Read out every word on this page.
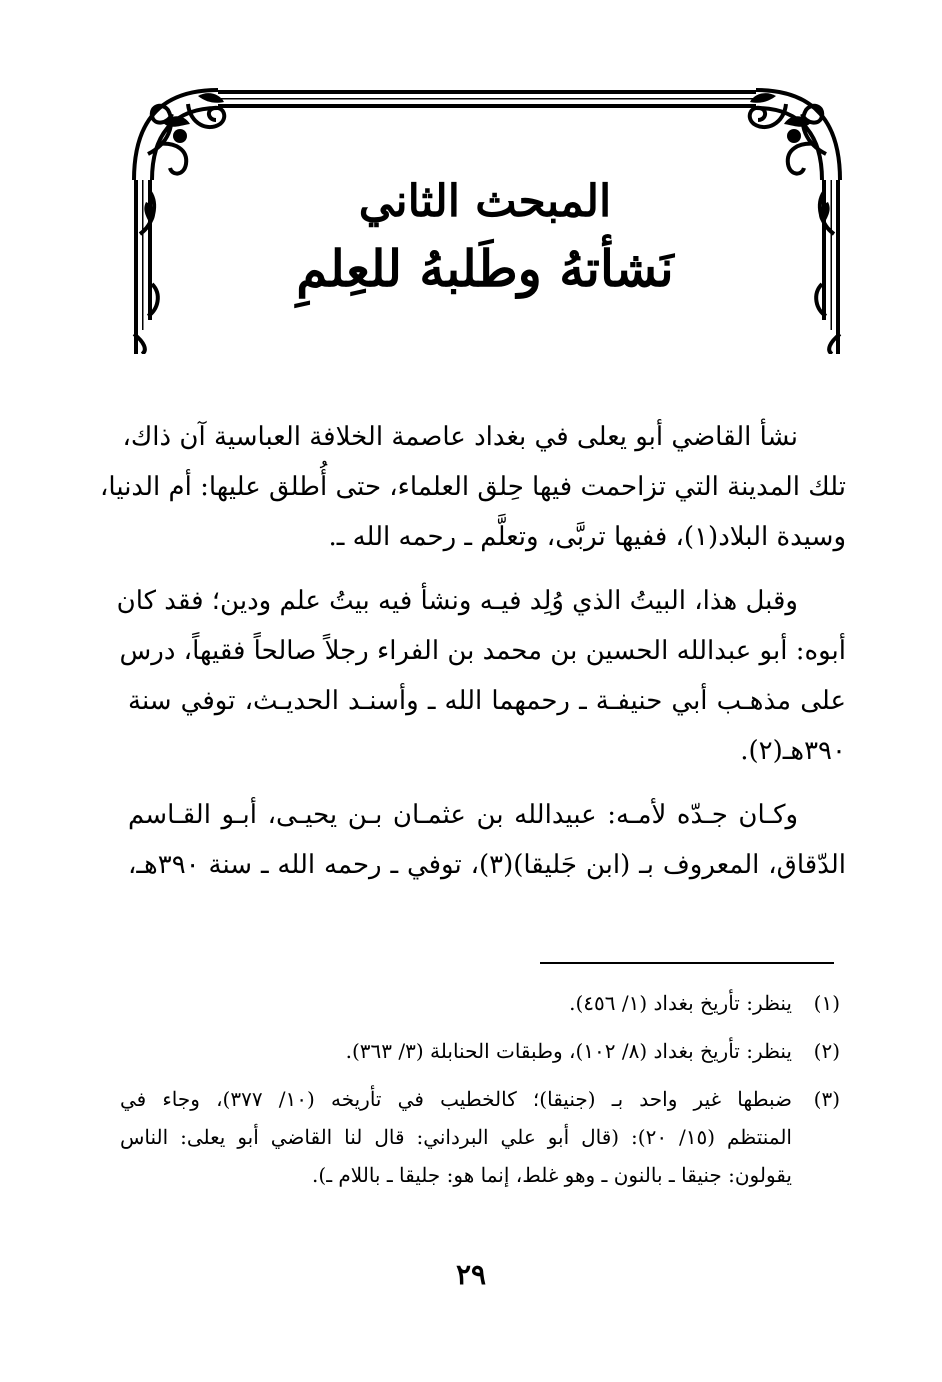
المبحث الثاني

نَشأتهُ وطَلبهُ للعِلمِ

نشأ القاضي أبو يعلى في بغداد عاصمة الخلافة العباسية آن ذاك،
تلك المدينة التي تزاحمت فيها حِلق العلماء، حتى أُطلق عليها: أم الدنيا،
وسيدة البلاد(١)، ففيها تربَّى، وتعلَّم ـ رحمه الله ـ.

وقبل هذا، البيتُ الذي وُلِد فيـه ونشأ فيه بيتُ علم ودين؛ فقد كان
أبوه: أبو عبدالله الحسين بن محمد بن الفراء رجلاً صالحاً فقيهاً، درس
على مذهـب أبي حنيفـة ـ رحمهما الله ـ وأسنـد الحديـث، توفي سنة
٣٩٠هـ(٢).

وكـان جـدّه لأمـه: عبيدالله بن عثمـان بـن يحيـى، أبـو القـاسم
الدّقاق، المعروف بـ (ابن جَليقا)(٣)، توفي ـ رحمه الله ـ سنة ٣٩٠هـ،

(١)
ينظر: تأريخ بغداد (١/ ٤٥٦).
(٢)
ينظر: تأريخ بغداد (٨/ ١٠٢)، وطبقات الحنابلة (٣/ ٣٦٣).
(٣)
ضبطها غير واحد بـ (جنيقا)؛ كالخطيب في تأريخه (١٠/ ٣٧٧)، وجاء في
المنتظم (١٥/ ٢٠): (قال أبو علي البرداني: قال لنا القاضي أبو يعلى: الناس
يقولون: جنيقا ـ بالنون ـ وهو غلط، إنما هو: جليقا ـ باللام ـ).
٢٩
